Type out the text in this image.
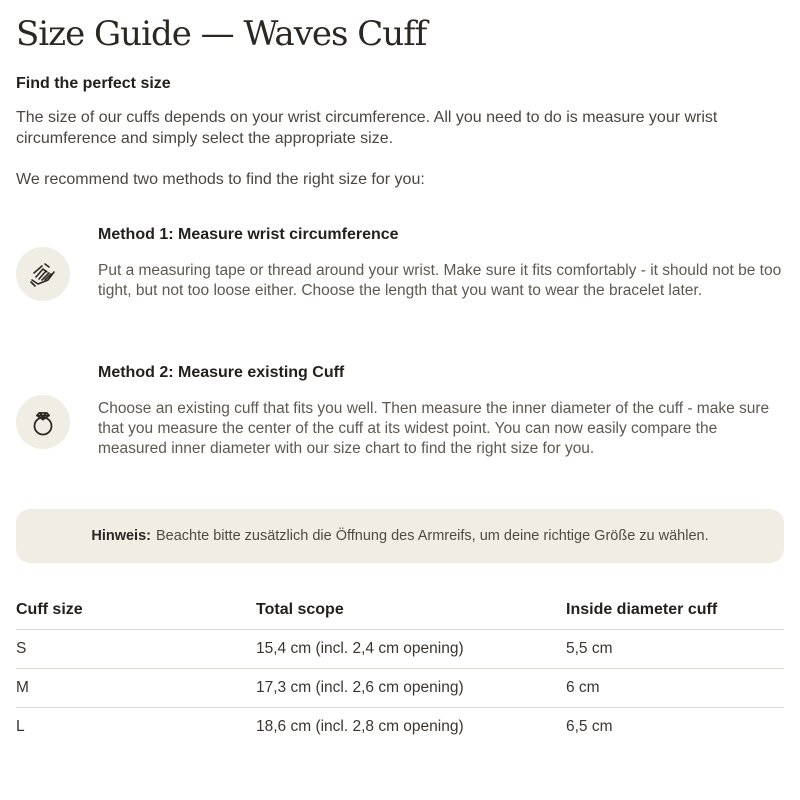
Size Guide — Waves Cuff
Find the perfect size

The size of our cuffs depends on your wrist circumference. All you need to do is measure your wrist circumference and simply select the appropriate size.

We recommend two methods to find the right size for you:

Method 1: Measure wrist circumference

Put a measuring tape or thread around your wrist. Make sure it fits comfortably - it should not be too tight, but not too loose either. Choose the length that you want to wear the bracelet later.

Method 2: Measure existing Cuff

Choose an existing cuff that fits you well. Then measure the inner diameter of the cuff - make sure that you measure the center of the cuff at its widest point. You can now easily compare the measured inner diameter with our size chart to find the right size for you.

Hinweis: Beachte bitte zusätzlich die Öffnung des Armreifs, um deine richtige Größe zu wählen.
Cuff size	Total scope	Inside diameter cuff
S	15,4 cm (incl. 2,4 cm opening)	5,5 cm
M	17,3 cm (incl. 2,6 cm opening)	6 cm
L	18,6 cm (incl. 2,8 cm opening)	6,5 cm
